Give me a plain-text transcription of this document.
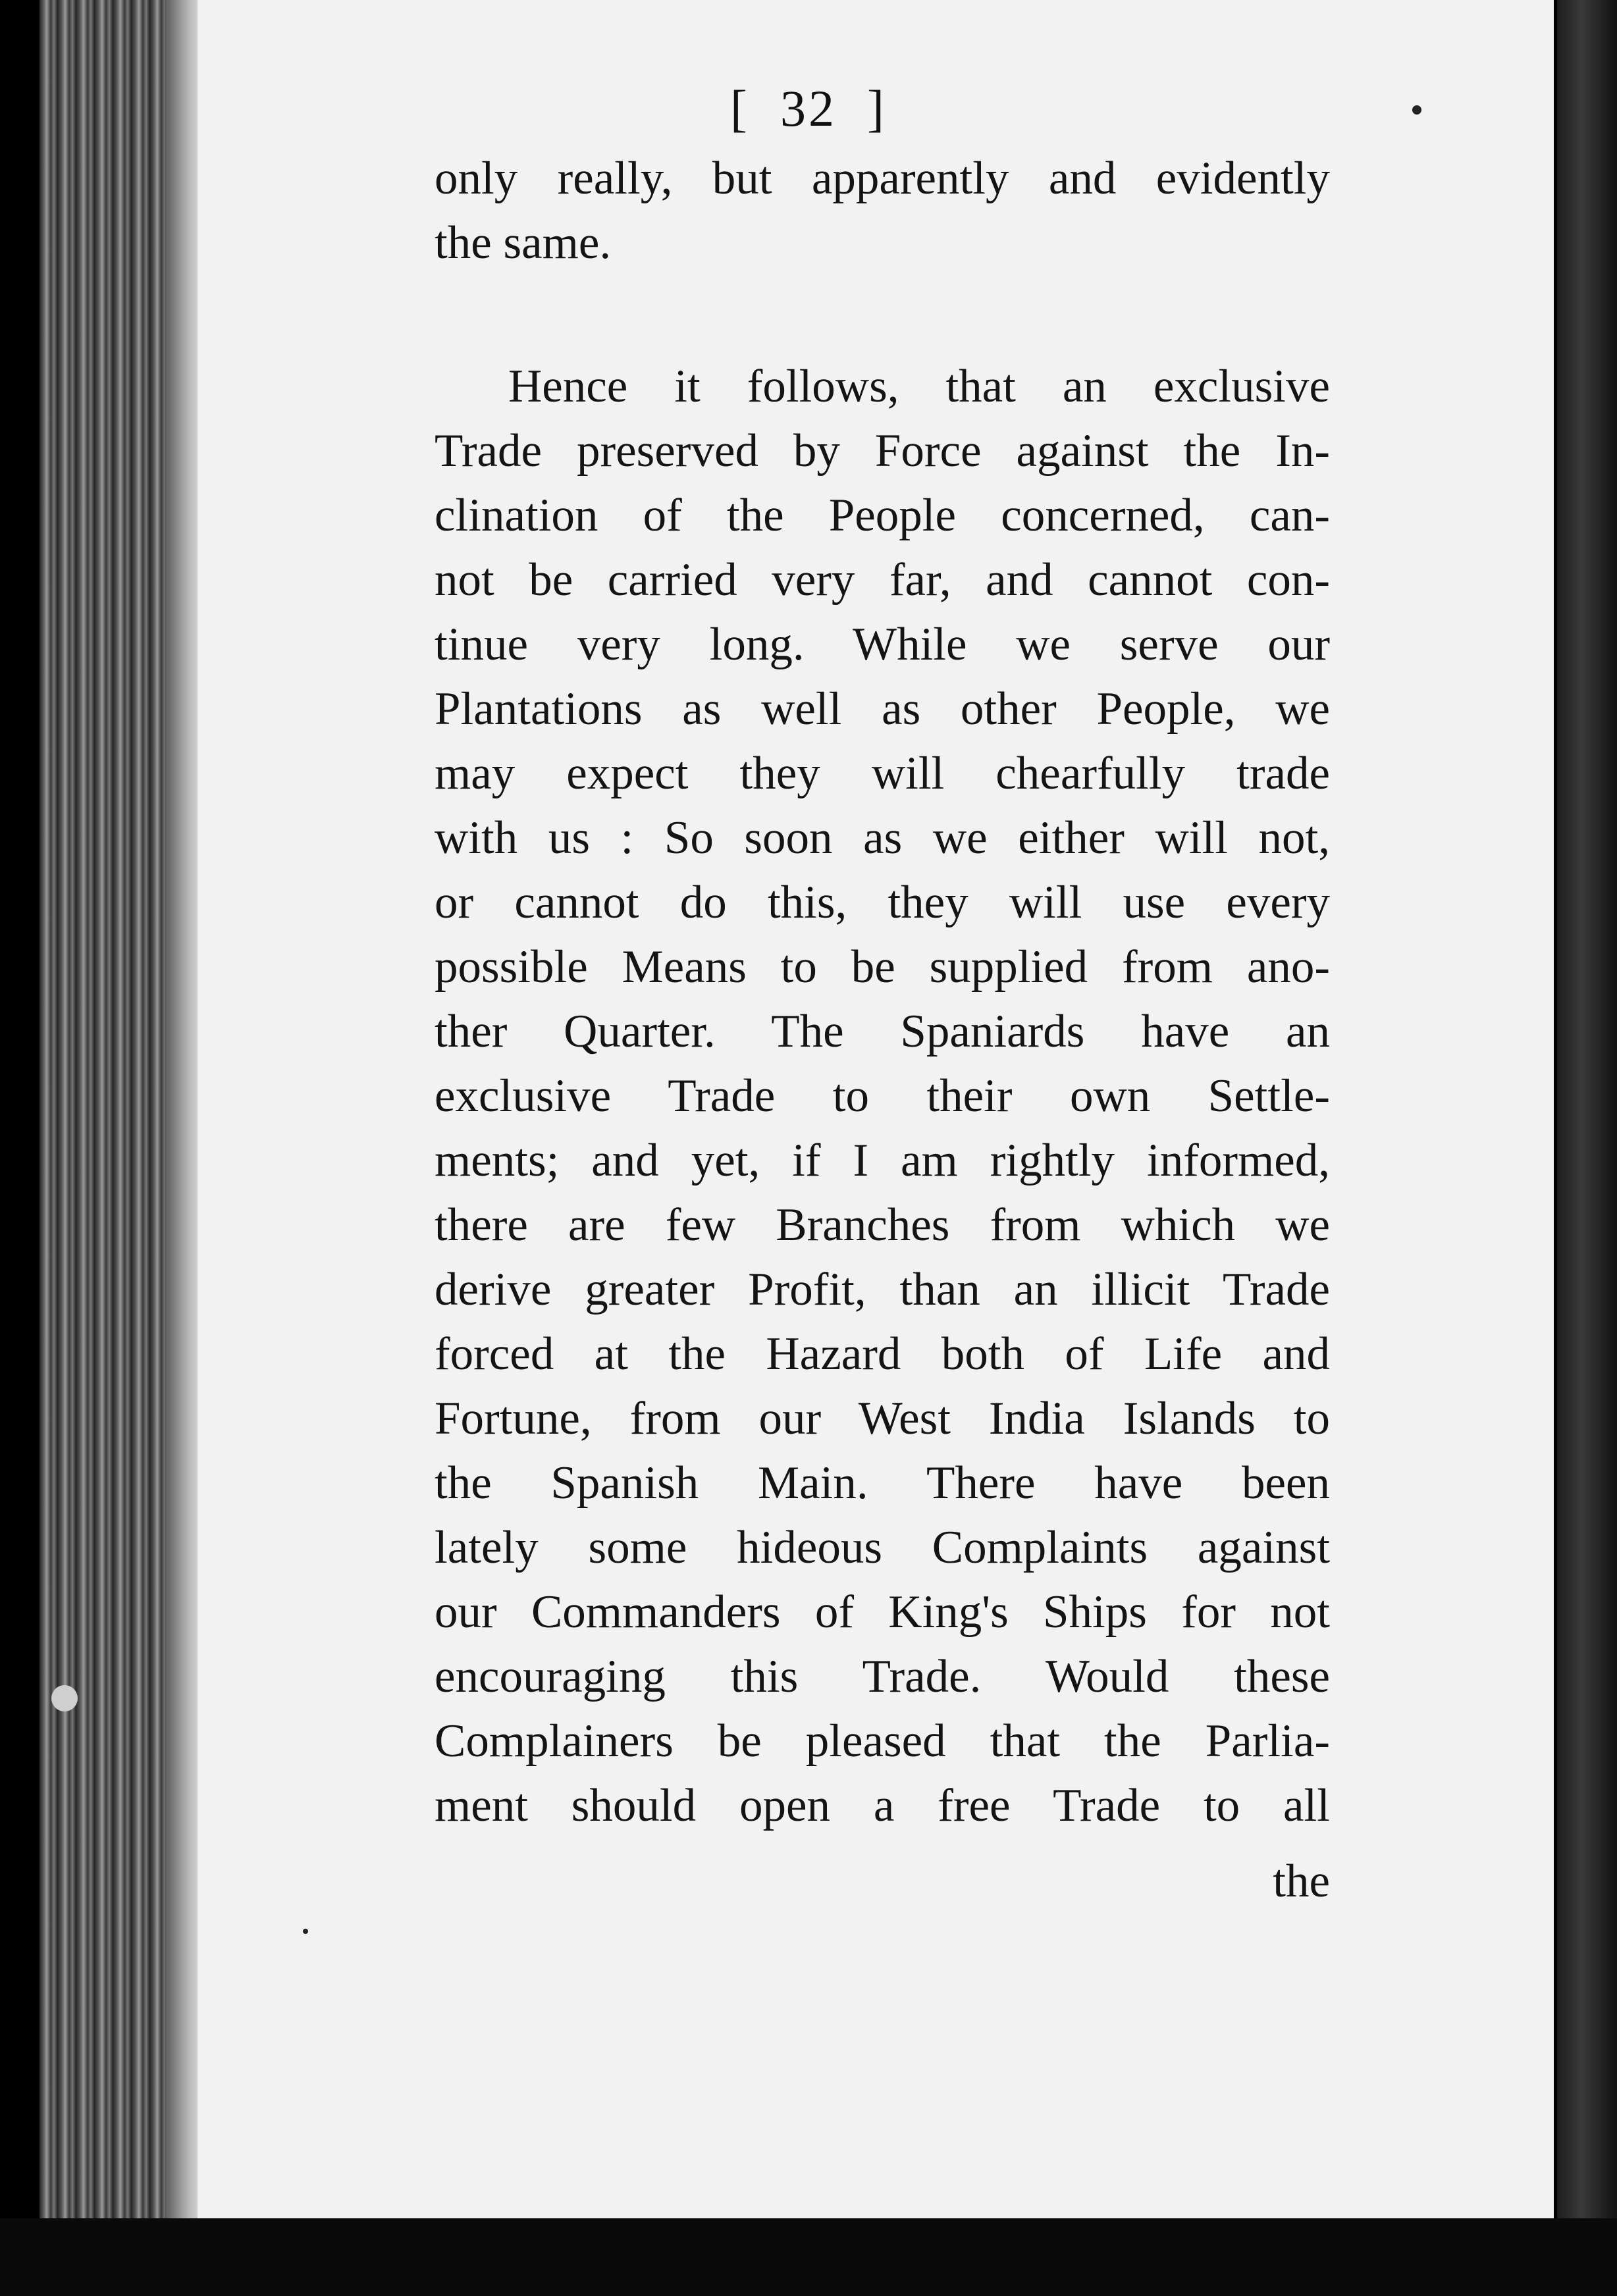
[ 32 ]
only really, but apparently and evidently
the same.
Hence it follows, that an exclusive
Trade preserved by Force against the In-
clination of the People concerned, can-
not be carried very far, and cannot con-
tinue very long. While we serve our
Plantations as well as other People, we
may expect they will chearfully trade
with us : So soon as we either will not,
or cannot do this, they will use every
possible Means to be supplied from ano-
ther Quarter. The Spaniards have an
exclusive Trade to their own Settle-
ments; and yet, if I am rightly informed,
there are few Branches from which we
derive greater Profit, than an illicit Trade
forced at the Hazard both of Life and
Fortune, from our West India Islands to
the Spanish Main. There have been
lately some hideous Complaints against
our Commanders of King's Ships for not
encouraging this Trade. Would these
Complainers be pleased that the Parlia-
ment should open a free Trade to all
the
